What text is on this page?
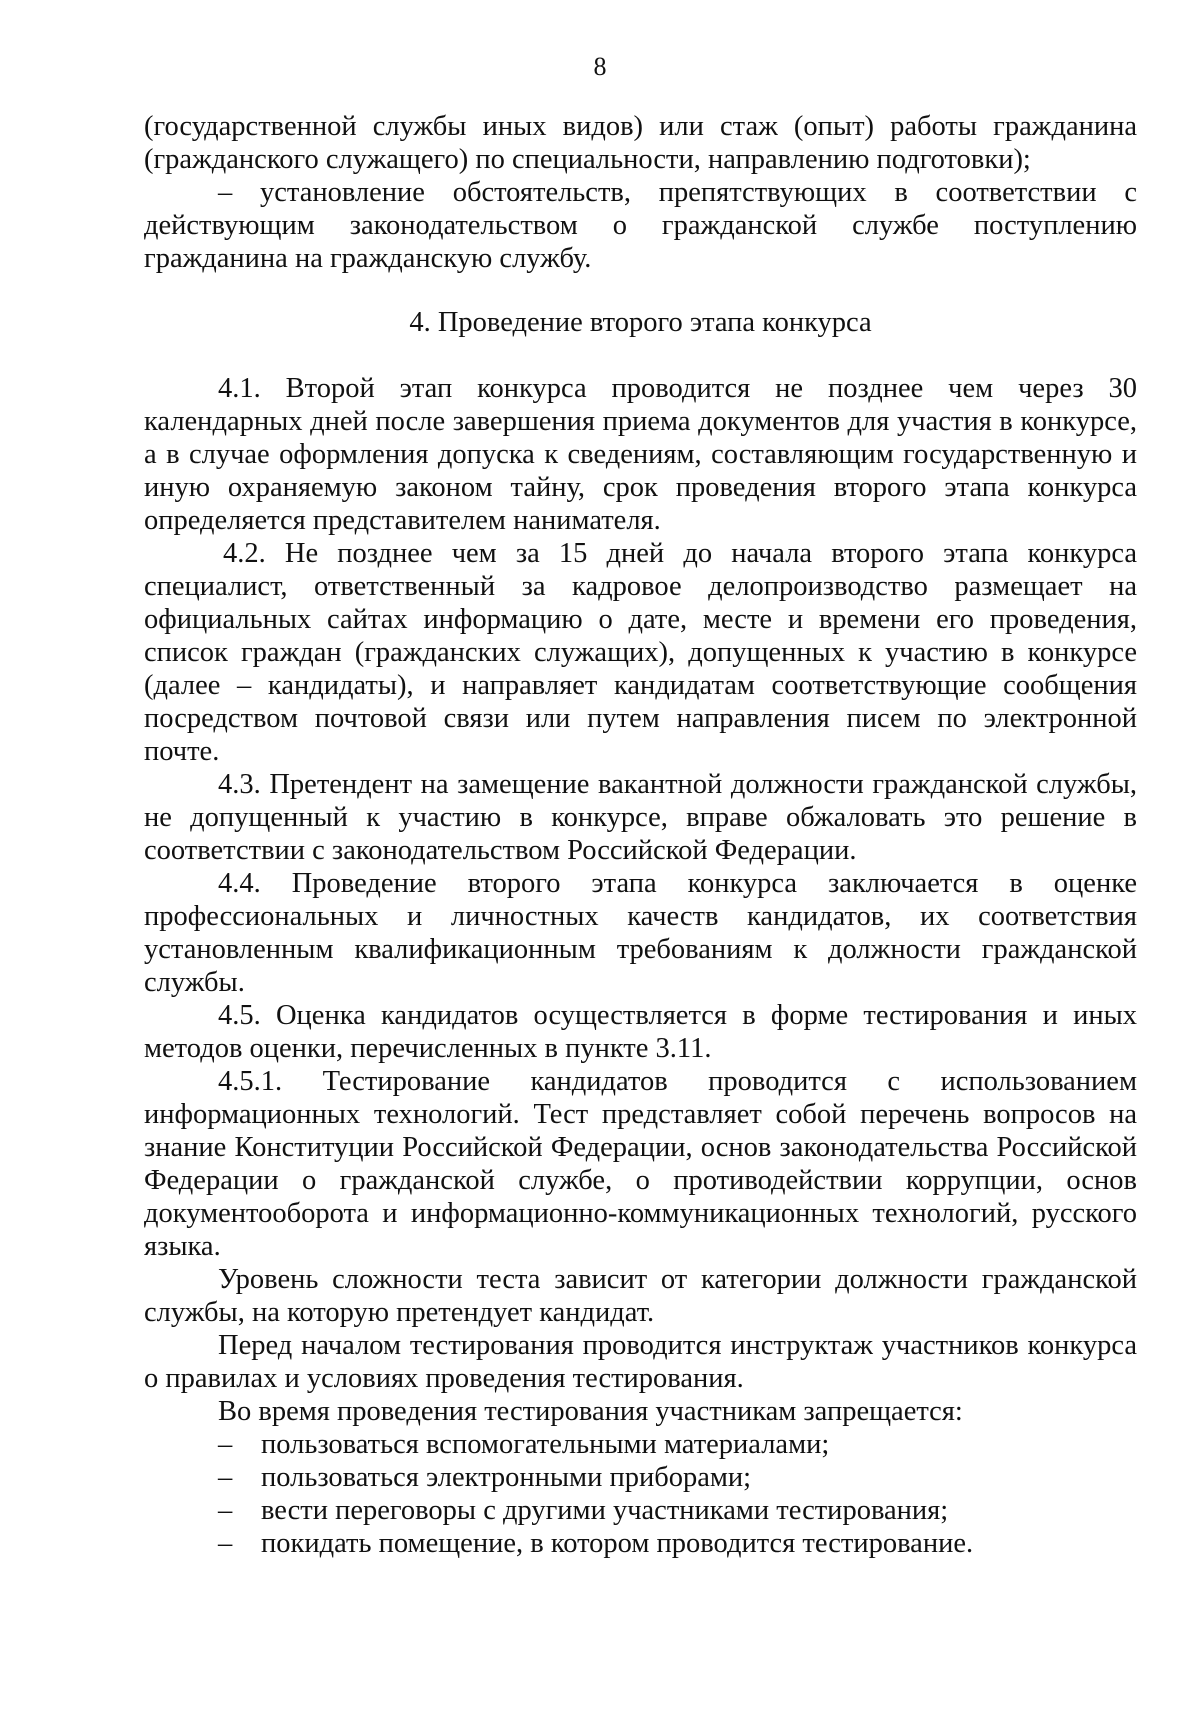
8

(государственной службы иных видов) или стаж (опыт) работы гражданина (гражданского служащего) по специальности, направлению подготовки);

– установление обстоятельств, препятствующих в соответствии с действующим законодательством о гражданской службе поступлению гражданина на гражданскую службу.

4. Проведение второго этапа конкурса

4.1. Второй этап конкурса проводится не позднее чем через 30 календарных дней после завершения приема документов для участия в конкурсе, а в случае оформления допуска к сведениям, составляющим государственную и иную охраняемую законом тайну, срок проведения второго этапа конкурса определяется представителем нанимателя.

4.2. Не позднее чем за 15 дней до начала второго этапа конкурса специалист, ответственный за кадровое делопроизводство размещает на официальных сайтах информацию о дате, месте и времени его проведения, список граждан (гражданских служащих), допущенных к участию в конкурсе (далее – кандидаты), и направляет кандидатам соответствующие сообщения посредством почтовой связи или путем направления писем по электронной почте.

4.3. Претендент на замещение вакантной должности гражданской службы, не допущенный к участию в конкурсе, вправе обжаловать это решение в соответствии с законодательством Российской Федерации.

4.4. Проведение второго этапа конкурса заключается в оценке профессиональных и личностных качеств кандидатов, их соответствия установленным квалификационным требованиям к должности гражданской службы.

4.5. Оценка кандидатов осуществляется в форме тестирования и иных методов оценки, перечисленных в пункте 3.11.

4.5.1. Тестирование кандидатов проводится с использованием информационных технологий. Тест представляет собой перечень вопросов на знание Конституции Российской Федерации, основ законодательства Российской Федерации о гражданской службе, о противодействии коррупции, основ документооборота и информационно-коммуникационных технологий, русского языка.

Уровень сложности теста зависит от категории должности гражданской службы, на которую претендует кандидат.

Перед началом тестирования проводится инструктаж участников конкурса о правилах и условиях проведения тестирования.

Во время проведения тестирования участникам запрещается:

– пользоваться вспомогательными материалами;
– пользоваться электронными приборами;
– вести переговоры с другими участниками тестирования;
– покидать помещение, в котором проводится тестирование.
